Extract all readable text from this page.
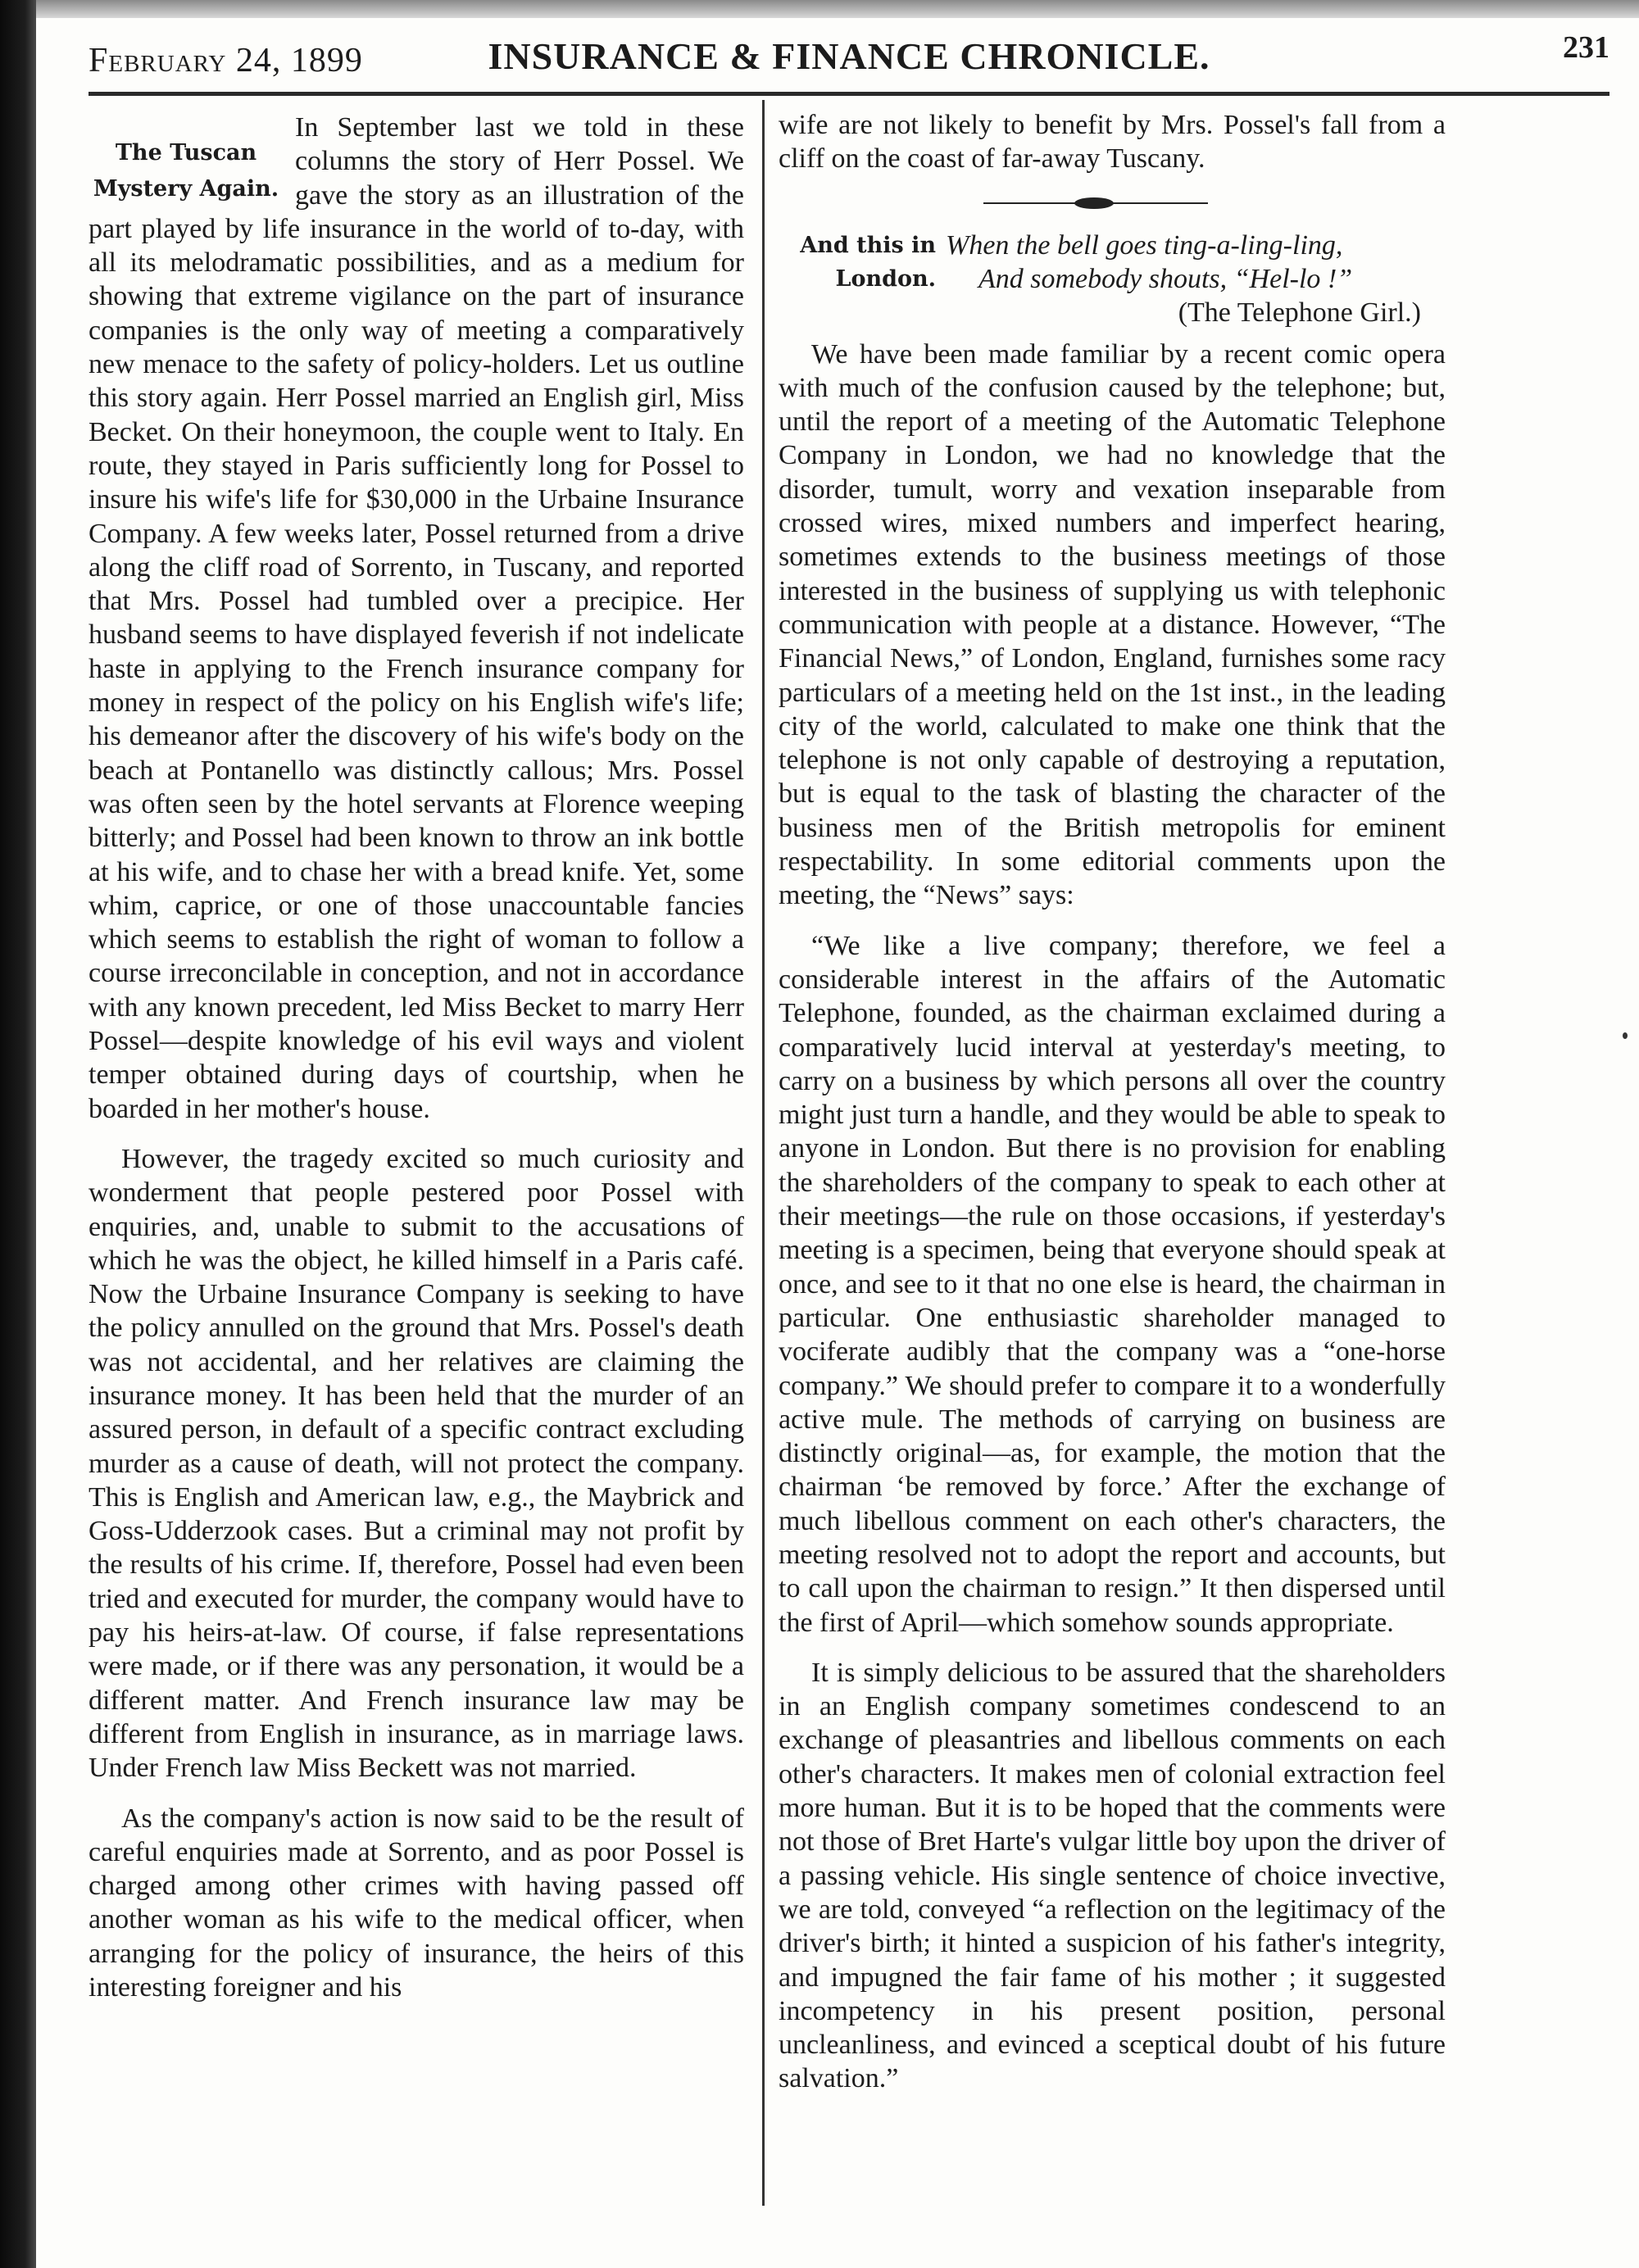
February 24, 1899	INSURANCE & FINANCE CHRONICLE.	231
The Tuscan
Mystery Again.

In September last we told in these columns the story of Herr Possel. We gave the story as an illustration of the part played by life insurance in the world of to-day, with all its melodramatic possibilities, and as a medium for showing that extreme vigilance on the part of insurance companies is the only way of meeting a comparatively new menace to the safety of policy-holders. Let us outline this story again. Herr Possel married an English girl, Miss Becket. On their honeymoon, the couple went to Italy. En route, they stayed in Paris sufficiently long for Possel to insure his wife's life for $30,000 in the Urbaine Insurance Company. A few weeks later, Possel returned from a drive along the cliff road of Sorrento, in Tuscany, and reported that Mrs. Possel had tumbled over a precipice. Her husband seems to have displayed feverish if not indelicate haste in applying to the French insurance company for money in respect of the policy on his English wife's life; his demeanor after the discovery of his wife's body on the beach at Pontanello was distinctly callous; Mrs. Possel was often seen by the hotel servants at Florence weeping bitterly; and Possel had been known to throw an ink bottle at his wife, and to chase her with a bread knife. Yet, some whim, caprice, or one of those unaccountable fancies which seems to establish the right of woman to follow a course irreconcilable in conception, and not in accordance with any known precedent, led Miss Becket to marry Herr Possel—despite knowledge of his evil ways and violent temper obtained during days of courtship, when he boarded in her mother's house.

However, the tragedy excited so much curiosity and wonderment that people pestered poor Possel with enquiries, and, unable to submit to the accusations of which he was the object, he killed himself in a Paris café. Now the Urbaine Insurance Company is seeking to have the policy annulled on the ground that Mrs. Possel's death was not accidental, and her relatives are claiming the insurance money. It has been held that the murder of an assured person, in default of a specific contract excluding murder as a cause of death, will not protect the company. This is English and American law, e.g., the Maybrick and Goss-Udderzook cases. But a criminal may not profit by the results of his crime. If, therefore, Possel had even been tried and executed for murder, the company would have to pay his heirs-at-law. Of course, if false representations were made, or if there was any personation, it would be a different matter. And French insurance law may be different from English in insurance, as in marriage laws. Under French law Miss Beckett was not married.

As the company's action is now said to be the result of careful enquiries made at Sorrento, and as poor Possel is charged among other crimes with having passed off another woman as his wife to the medical officer, when arranging for the policy of insurance, the heirs of this interesting foreigner and his

wife are not likely to benefit by Mrs. Possel's fall from a cliff on the coast of far-away Tuscany.

And this in
London.
When the bell goes ting-a-ling-ling,
And somebody shouts, “Hel-lo !”
(The Telephone Girl.)

We have been made familiar by a recent comic opera with much of the confusion caused by the telephone; but, until the report of a meeting of the Automatic Telephone Company in London, we had no knowledge that the disorder, tumult, worry and vexation inseparable from crossed wires, mixed numbers and imperfect hearing, sometimes extends to the business meetings of those interested in the business of supplying us with telephonic communication with people at a distance. However, “The Financial News,” of London, England, furnishes some racy particulars of a meeting held on the 1st inst., in the leading city of the world, calculated to make one think that the telephone is not only capable of destroying a reputation, but is equal to the task of blasting the character of the business men of the British metropolis for eminent respectability. In some editorial comments upon the meeting, the “News” says:

“We like a live company; therefore, we feel a considerable interest in the affairs of the Automatic Telephone, founded, as the chairman exclaimed during a comparatively lucid interval at yesterday's meeting, to carry on a business by which persons all over the country might just turn a handle, and they would be able to speak to anyone in London. But there is no provision for enabling the shareholders of the company to speak to each other at their meetings—the rule on those occasions, if yesterday's meeting is a specimen, being that everyone should speak at once, and see to it that no one else is heard, the chairman in particular. One enthusiastic shareholder managed to vociferate audibly that the company was a “one-horse company.” We should prefer to compare it to a wonderfully active mule. The methods of carrying on business are distinctly original—as, for example, the motion that the chairman ‘be removed by force.’ After the exchange of much libellous comment on each other's characters, the meeting resolved not to adopt the report and accounts, but to call upon the chairman to resign.” It then dispersed until the first of April—which somehow sounds appropriate.

It is simply delicious to be assured that the shareholders in an English company sometimes condescend to an exchange of pleasantries and libellous comments on each other's characters. It makes men of colonial extraction feel more human. But it is to be hoped that the comments were not those of Bret Harte's vulgar little boy upon the driver of a passing vehicle. His single sentence of choice invective, we are told, conveyed “a reflection on the legitimacy of the driver's birth; it hinted a suspicion of his father's integrity, and impugned the fair fame of his mother ; it suggested incompetency in his present position, personal uncleanliness, and evinced a sceptical doubt of his future salvation.”
